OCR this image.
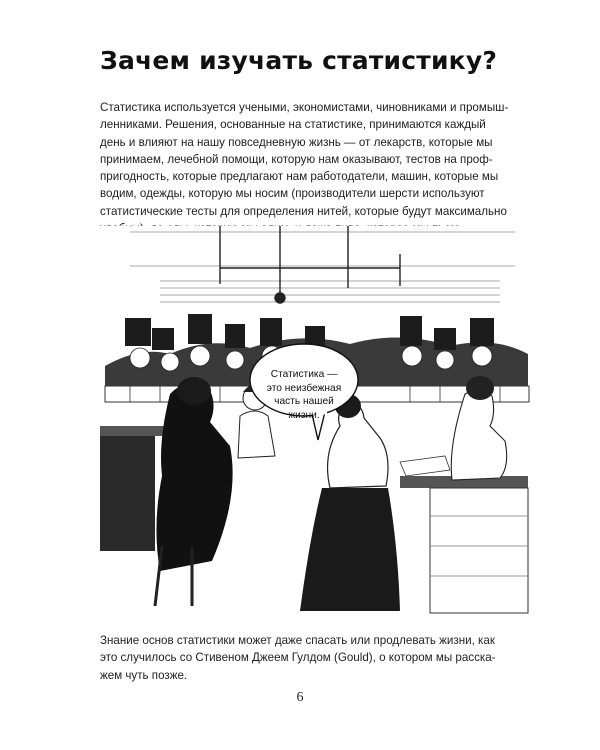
Зачем изучать статистику?

Статистика используется учеными, экономистами, чиновниками и промыш-
ленниками. Решения, основанные на статистике, принимаются каждый
день и влияют на нашу повседневную жизнь — от лекарств, которые мы
принимаем, лечебной помощи, которую нам оказывают, тестов на проф-
пригодность, которые предлагают нам работодатели, машин, которые мы
водим, одежды, которую мы носим (производители шерсти используют
статистические тесты для определения нитей, которые будут максимально

Статистика —
это неизбежная
часть нашей
жизни.

Знание основ статистики может даже спасать или продлевать жизни, как
это случилось со Стивеном Джеем Гулдом (Gould), о котором мы расска-
жем чуть позже.

6
